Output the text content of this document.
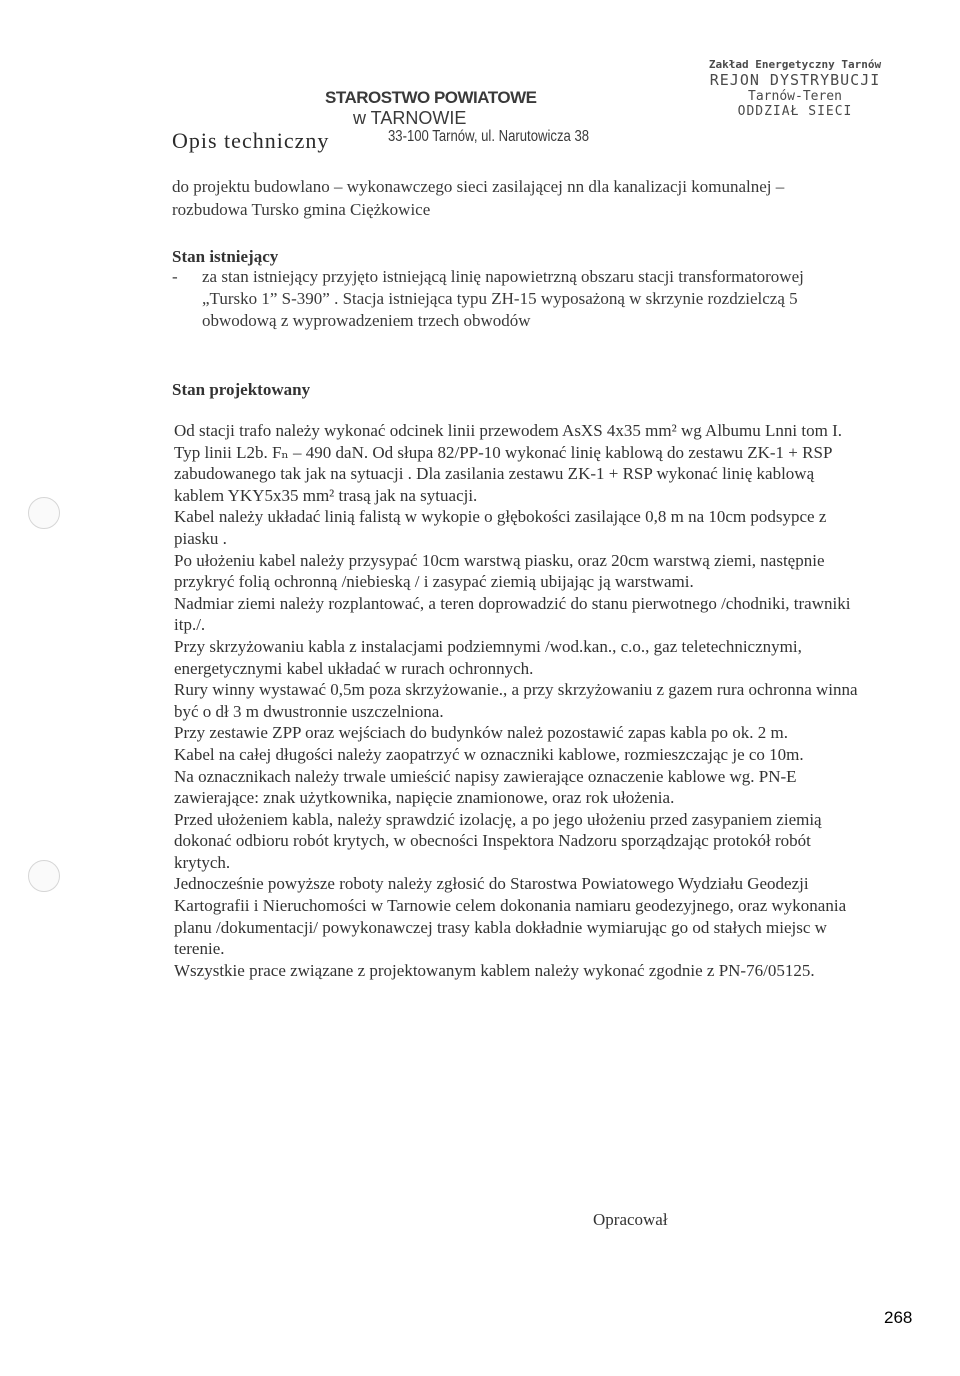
STAROSTWO POWIATOWE
w TARNOWIE
33-100 Tarnów, ul. Narutowicza 38
Zakład Energetyczny Tarnów
REJON DYSTRYBUCJI
Tarnów-Teren
ODDZIAŁ SIECI
Opis techniczny
do projektu budowlano – wykonawczego sieci zasilającej nn dla kanalizacji komunalnej – rozbudowa Tursko gmina Ciężkowice
Stan istniejący
- za stan istniejący przyjęto istniejącą linię napowietrzną obszaru stacji transformatorowej „Tursko 1” S-390” . Stacja istniejąca typu ZH-15 wyposażoną w skrzynie rozdzielczą 5 obwodową z wyprowadzeniem trzech obwodów
Stan projektowany

Od stacji trafo należy wykonać odcinek linii przewodem AsXS 4x35 mm² wg Albumu Lnni tom I. Typ linii L2b. Fₙ – 490 daN. Od słupa 82/PP-10 wykonać linię kablową do zestawu ZK-1 + RSP zabudowanego tak jak na sytuacji . Dla zasilania zestawu ZK-1 + RSP wykonać linię kablową kablem YKY5x35 mm² trasą jak na sytuacji.

Kabel należy układać linią falistą w wykopie o głębokości zasilające 0,8 m na 10cm podsypce z piasku .

Po ułożeniu kabel należy przysypać 10cm warstwą piasku, oraz 20cm warstwą ziemi, następnie przykryć folią ochronną /niebieską / i zasypać ziemią ubijając ją warstwami.

Nadmiar ziemi należy rozplantować, a teren doprowadzić do stanu pierwotnego /chodniki, trawniki itp./.

Przy skrzyżowaniu kabla z instalacjami podziemnymi /wod.kan., c.o., gaz teletechnicznymi, energetycznymi kabel układać w rurach ochronnych.

Rury winny wystawać 0,5m poza skrzyżowanie., a przy skrzyżowaniu z gazem rura ochronna winna być o dł 3 m dwustronnie uszczelniona.

Przy zestawie ZPP oraz wejściach do budynków należ pozostawić zapas kabla po ok. 2 m.

Kabel na całej długości należy zaopatrzyć w oznaczniki kablowe, rozmieszczając je co 10m.

Na oznacznikach należy trwale umieścić napisy zawierające oznaczenie kablowe wg. PN-E zawierające: znak użytkownika, napięcie znamionowe, oraz rok ułożenia.

Przed ułożeniem kabla, należy sprawdzić izolację, a po jego ułożeniu przed zasypaniem ziemią dokonać odbioru robót krytych, w obecności Inspektora Nadzoru sporządzając protokół robót krytych.

Jednocześnie powyższe roboty należy zgłosić do Starostwa Powiatowego Wydziału Geodezji Kartografii i Nieruchomości w Tarnowie celem dokonania namiaru geodezyjnego, oraz wykonania planu /dokumentacji/ powykonawczej trasy kabla dokładnie wymiarując go od stałych miejsc w terenie.

Wszystkie prace związane z projektowanym kablem należy wykonać zgodnie z PN-76/05125.

Opracował
268
